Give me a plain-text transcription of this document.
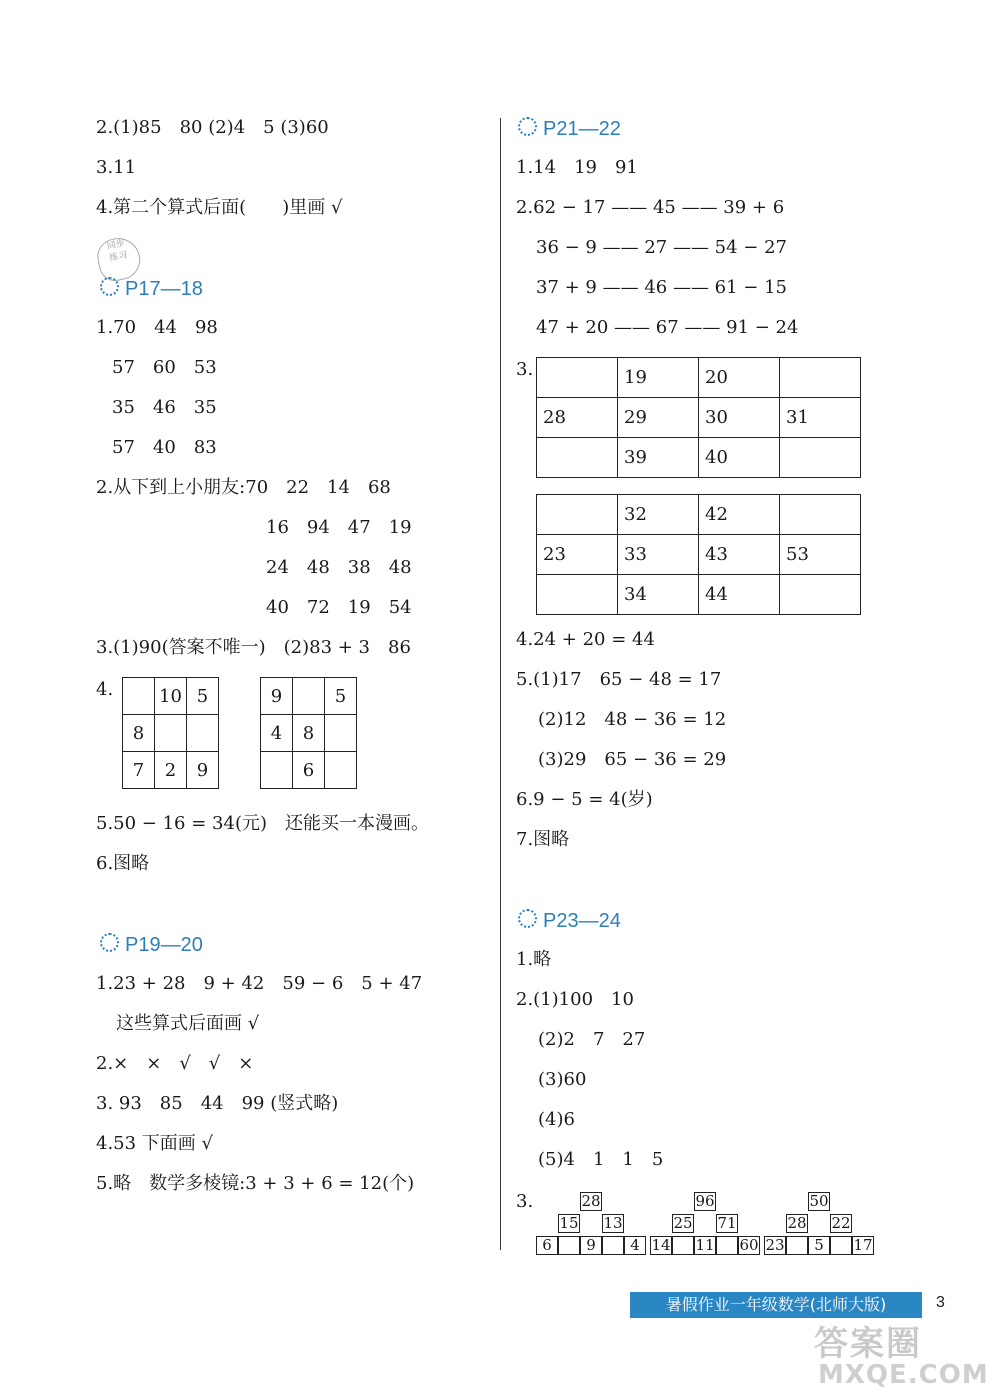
2.(1)85　80 (2)4　5 (3)60
3.11
4.第二个算式后面(　　)里画 √
同步
练习
P17—18
1.70　44　98
57　60　53
35　46　35
57　40　83
2.从下到上小朋友:70　22　14　68
16　94　47　19
24　48　38　48
40　72　19　54
3.(1)90(答案不唯一)　(2)83 + 3　86
4.
		10	5
8		
7	2	9
9		5
4	8	
	6	
5.50 − 16 = 34(元)　还能买一本漫画。
6.图略
P19—20
1.23 + 28　9 + 42　59 − 6　5 + 47
这些算式后面画 √
2.×　×　√　√　×
3. 93　85　44　99 (竖式略)
4.53 下面画 √
5.略　数学多棱镜:3 + 3 + 6 = 12(个)
P21—22
1.14　19　91
2.62 − 17 —— 45 —— 39 + 6
36 − 9 —— 27 —— 54 − 27
37 + 9 —— 46 —— 61 − 15
47 + 20 —— 67 —— 91 − 24
3.
		19	20	
28	29	30	31
	39	40	
	32	42	
23	33	43	53
	34	44	
4.24 + 20 = 44
5.(1)17　65 − 48 = 17
(2)12　48 − 36 = 12
(3)29　65 − 36 = 29
6.9 − 5 = 4(岁)
7.图略
P23—24
1.略
2.(1)100　10
(2)2　7　27
(3)60
(4)6
(5)4　1　1　5
3.	28
15 13
6	9	4
96
25 71
14 11 60
50
28 22
23	5	17
暑假作业一年级数学(北师大版)	3
答案圈
MXQE.COM
